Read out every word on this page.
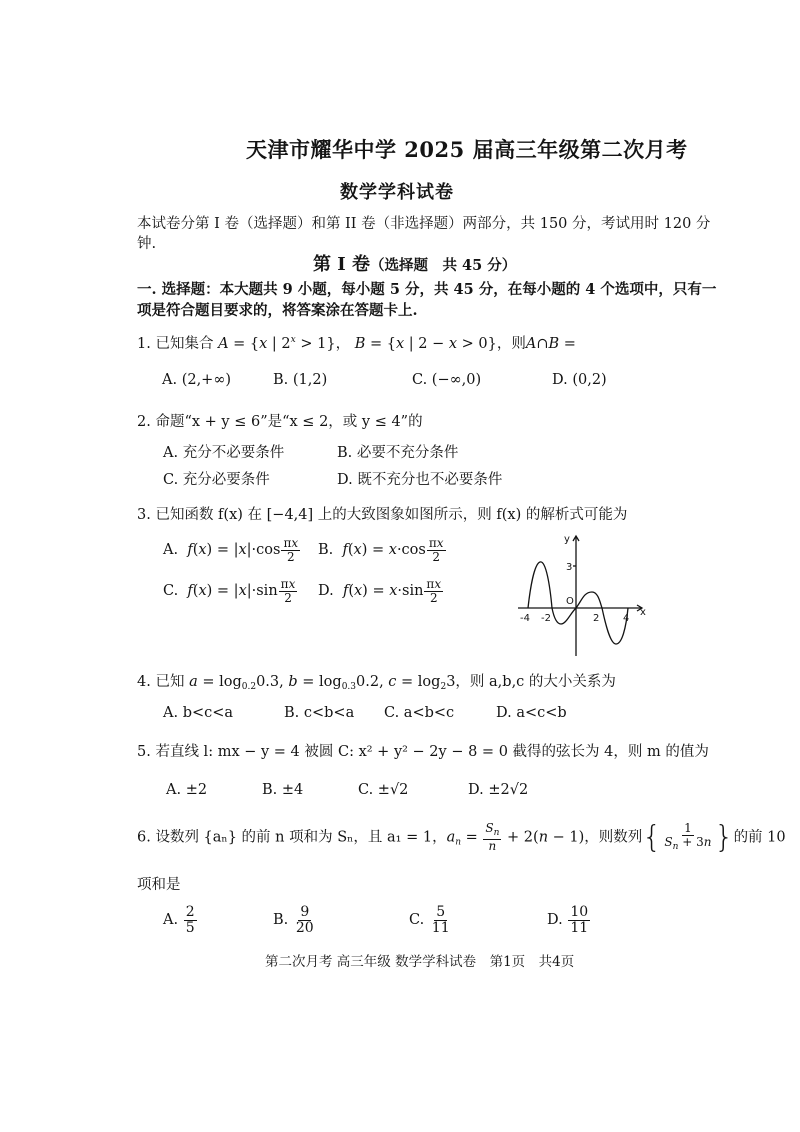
天津市耀华中学 2025 届高三年级第二次月考
数学学科试卷
本试卷分第 I 卷（选择题）和第 II 卷（非选择题）两部分，共 150 分，考试用时 120 分
钟.
第 I 卷（选择题　共 45 分）
一. 选择题：本大题共 9 小题，每小题 5 分，共 45 分，在每小题的 4 个选项中，只有一
项是符合题目要求的，将答案涂在答题卡上.
1. 已知集合 A = {x | $2^x > 1$}， B = {x | 2 − x > 0}，则A∩B =
A. (2,+∞)	B. (1,2)	C. (−∞,0)	D. (0,2)
2. 命题“x + y ≤ 6”是“x ≤ 2，或 y ≤ 4”的
A. 充分不必要条件	B. 必要不充分条件
C. 充分必要条件	D. 既不充分也不必要条件
3. 已知函数 f(x) 在 [−4,4] 上的大致图象如图所示，则 f(x) 的解析式可能为
A. $f(x) = |x|\cdot\cos \frac{\pi x}{2} B$. $f(x) = x\cdot\cos \frac{\pi x}{2}$
C. $f(x) = |x|\cdot\sin \frac{\pi x}{2} D$. $f(x) = x\cdot\sin \frac{\pi x}{2}$
y
x
3
-4 -2
O
2 4
4. 已知 $a = \log_{0.2}0.3$, $b = \log_{0.3}0.2$, $c = \log_23$，则 a,b,c 的大小关系为
A. b<c<a	B. c<b<a C. a<b<c	D. a<c<b
5. 若直线 l: mx − y = 4 被圆 C: x² + y² − 2y − 8 = 0 截得的弦长为 4，则 m 的值为
A. ±2	B. ±4	C. ±√2	D. ±2√2
6. 设数列 {aₙ} 的前 n 项和为 Sₙ，且 a₁ = 1，$a_n = \frac{S_n}{n} + 2(n - 1)$，则数列{ $\frac{1}{S_n + 3n}$ }的前 10
项和是
A. $\frac{2}{5}$	B. $\frac{9}{20}$	C. $\frac{5}{11}$	D. $\frac{10}{11}$
第二次月考 高三年级 数学学科试卷　第1页　共4页
